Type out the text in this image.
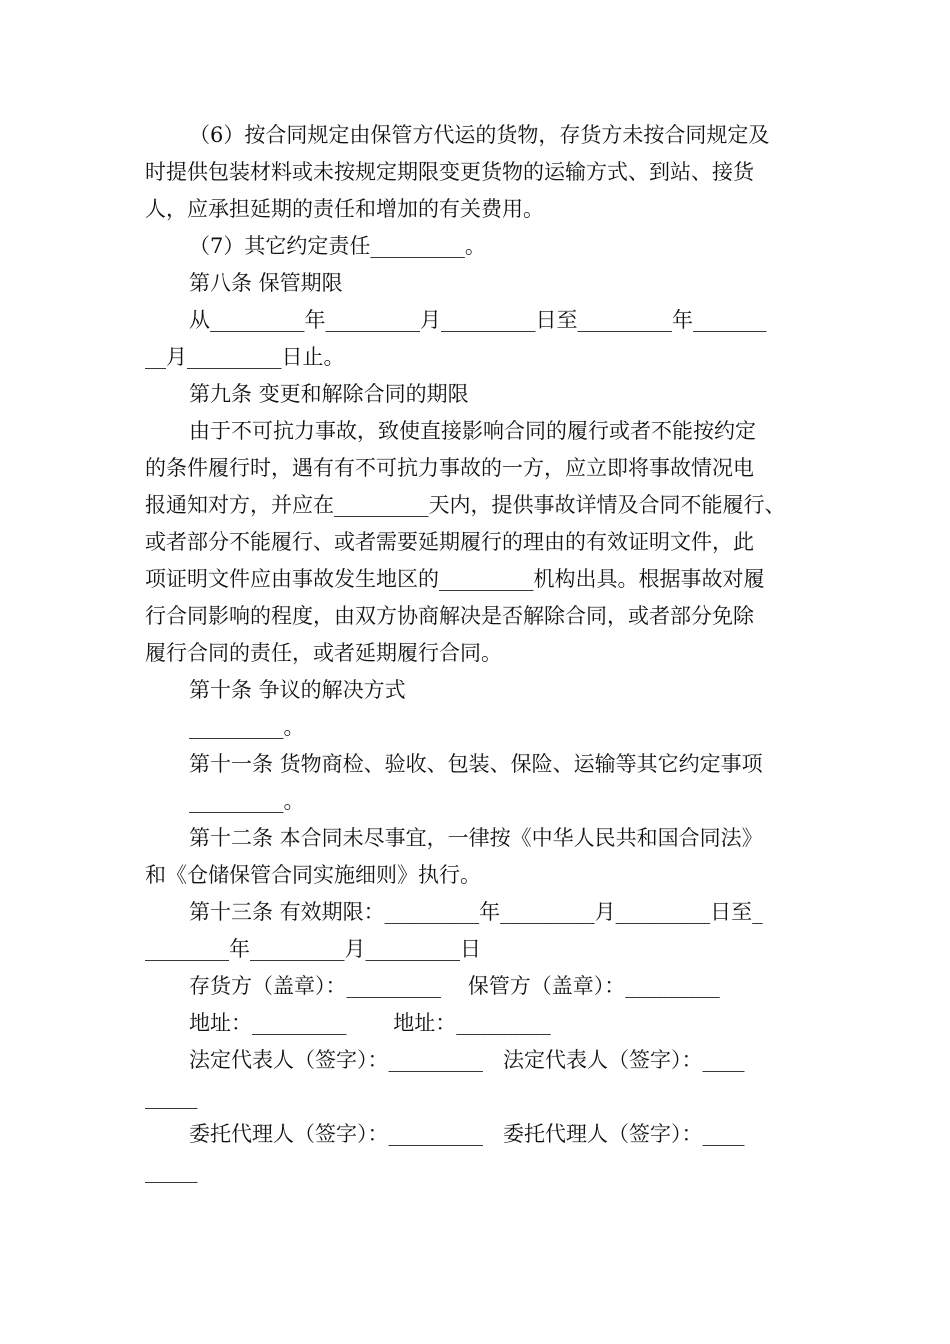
（6）按合同规定由保管方代运的货物，存货方未按合同规定及
时提供包装材料或未按规定期限变更货物的运输方式、到站、接货
人，应承担延期的责任和增加的有关费用。
（7）其它约定责任_________。
第八条 保管期限
从_________年_________月_________日至_________年_______
__月_________日止。
第九条 变更和解除合同的期限
由于不可抗力事故，致使直接影响合同的履行或者不能按约定
的条件履行时，遇有有不可抗力事故的一方，应立即将事故情况电
报通知对方，并应在_________天内，提供事故详情及合同不能履行、
或者部分不能履行、或者需要延期履行的理由的有效证明文件，此
项证明文件应由事故发生地区的_________机构出具。根据事故对履
行合同影响的程度，由双方协商解决是否解除合同，或者部分免除
履行合同的责任，或者延期履行合同。
第十条 争议的解决方式
_________。
第十一条 货物商检、验收、包装、保险、运输等其它约定事项
_________。
第十二条 本合同未尽事宜，一律按《中华人民共和国合同法》
和《仓储保管合同实施细则》执行。
第十三条 有效期限：_________年_________月_________日至_
________年_________月_________日
存货方（盖章）：_________    保管方（盖章）：_________
地址：_________       地址：_________
法定代表人（签字）：_________   法定代表人（签字）：____
_____
委托代理人（签字）：_________   委托代理人（签字）：____
_____
